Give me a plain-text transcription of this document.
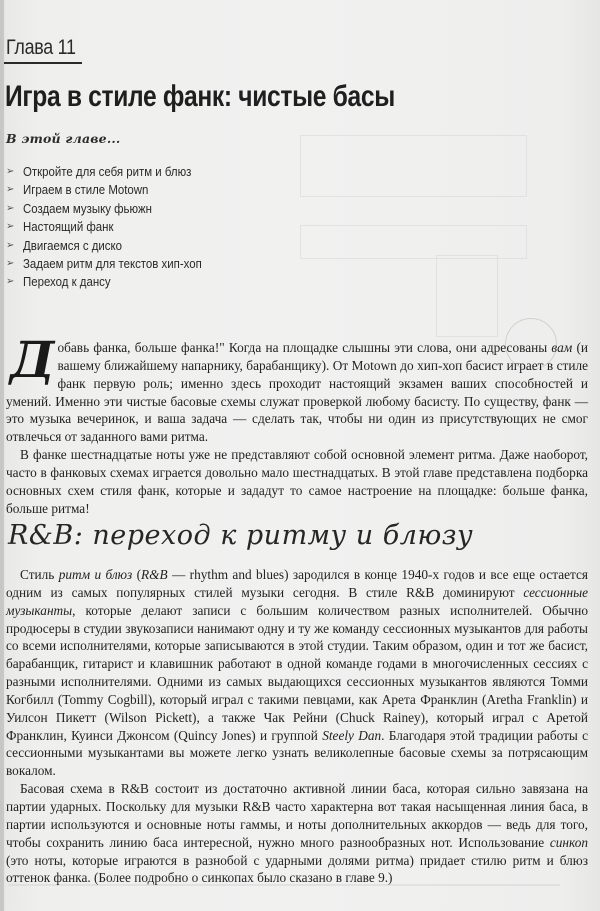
Глава 11
Игра в стиле фанк: чистые басы
В этой главе...
➢ Откройте для себя ритм и блюз
➢ Играем в стиле Motown
➢ Создаем музыку фьюжн
➢ Настоящий фанк
➢ Двигаемся с диско
➢ Задаем ритм для текстов хип-хоп
➢ Переход к дансу

Добавь фанка, больше фанка!" Когда на площадке слышны эти слова, они адресованы вам (и вашему ближайшему напарнику, барабанщику). От Motown до хип-хоп басист играет в стиле фанк первую роль; именно здесь проходит настоящий экзамен ваших способностей и умений. Именно эти чистые басовые схемы служат проверкой любому басисту. По существу, фанк — это музыка вечеринок, и ваша задача — сделать так, чтобы ни один из присутствующих не смог отвлечься от заданного вами ритма.

В фанке шестнадцатые ноты уже не представляют собой основной элемент ритма. Даже наоборот, часто в фанковых схемах играется довольно мало шестнадцатых. В этой главе представлена подборка основных схем стиля фанк, которые и зададут то самое настроение на площадке: больше фанка, больше ритма!

R&B: переход к ритму и блюзу

Стиль ритм и блюз (R&B — rhythm and blues) зародился в конце 1940-х годов и все еще остается одним из самых популярных стилей музыки сегодня. В стиле R&B доминируют сессионные музыканты, которые делают записи с большим количеством разных исполнителей. Обычно продюсеры в студии звукозаписи нанимают одну и ту же команду сессионных музыкантов для работы со всеми исполнителями, которые записываются в этой студии. Таким образом, один и тот же басист, барабанщик, гитарист и клавишник работают в одной команде годами в многочисленных сессиях с разными исполнителями. Одними из самых выдающихся сессионных музыкантов являются Томми Когбилл (Tommy Cogbill), который играл с такими певцами, как Арета Франклин (Aretha Franklin) и Уилсон Пикетт (Wilson Pickett), а также Чак Рейни (Chuck Rainey), который играл с Аретой Франклин, Куинси Джонсом (Quincy Jones) и группой Steely Dan. Благодаря этой традиции работы с сессионными музыкантами вы можете легко узнать великолепные басовые схемы за потрясающим вокалом.

Басовая схема в R&B состоит из достаточно активной линии баса, которая сильно завязана на партии ударных. Поскольку для музыки R&B часто характерна вот такая насыщенная линия баса, в партии используются и основные ноты гаммы, и ноты дополнительных аккордов — ведь для того, чтобы сохранить линию баса интересной, нужно много разнообразных нот. Использование синкоп (это ноты, которые играются в разнобой с ударными долями ритма) придает стилю ритм и блюз оттенок фанка. (Более подробно о синкопах было сказано в главе 9.)
